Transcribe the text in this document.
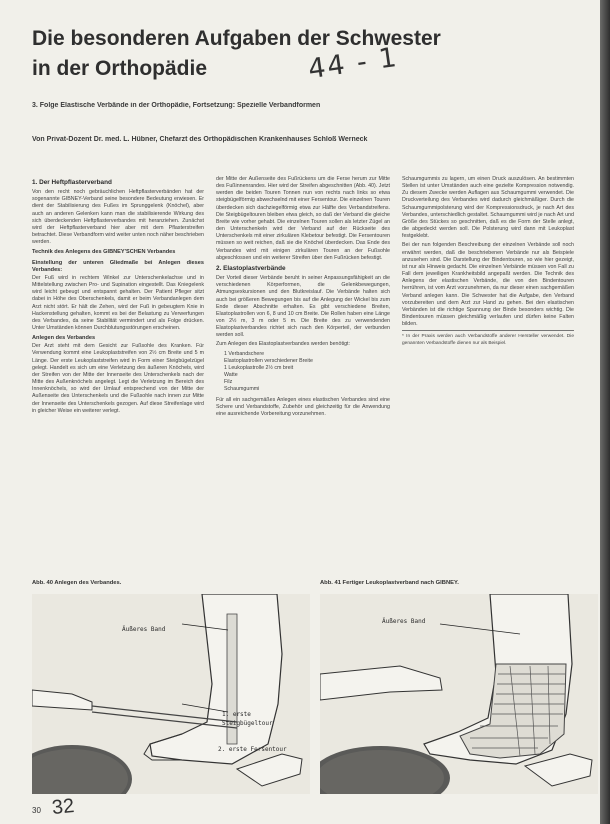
Die besonderen Aufgaben der Schwester
in der Orthopädie	44 - 1
3. Folge Elastische Verbände in der Orthopädie, Fortsetzung: Spezielle Verbandformen
Von Privat-Dozent Dr. med. L. Hübner, Chefarzt des Orthopädischen Krankenhauses Schloß Werneck
1. Der Heftpflasterverband

Von den recht noch gebräuchlichen Heftpflasterverbänden hat der sogenannte GIBNEY-Verband seine besondere Bedeutung erwiesen. Er dient der Stabilisierung des Fußes im Sprunggelenk (Knöchel), aber auch an anderen Gelenken kann man die stabilisierende Wirkung des sich überdeckenden Heftpflasterverbandes mit heranziehen. Zunächst wird der Heftpflasterverband hier aber mit dem Pflasterstreifen betrachtet. Diese Verbandform wird weiter unten noch näher beschrieben werden.

Technik des Anlegens des GIBNEY'SCHEN Verbandes
Einstellung der unteren Gliedmaße bei Anlegen dieses Verbandes:

Der Fuß wird in rechtem Winkel zur Unterschenkelachse und in Mittelstellung zwischen Pro- und Supination eingestellt. Das Kniegelenk wird leicht gebeugt und entspannt gehalten. Der Patient Pfleger sitzt dabei in Höhe des Oberschenkels, damit er beim Verbandanlegen dem Arzt nicht stört. Er hält die Zehen, wird der Fuß in gebeugtem Knie in Hackenstellung gehalten, kommt es bei der Belastung zu Verwerfungen des Verbandes, da seine Stabilität vermindert und als Folge drücken. Unter Umständen können Durchblutungsstörungen erscheinen.

Anlegen des Verbandes

Der Arzt steht mit dem Gesicht zur Fußsohle des Kranken. Für Verwendung kommt eine Leukoplaststreifen von 2½ cm Breite und 5 m Länge. Der erste Leukoplaststreifen wird in Form einer Steigbügelzügel gelegt. Handelt es sich um eine Verletzung des äußeren Knöchels, wird der Streifen von der Mitte der Innenseite des Unterschenkels nach der Mitte des Außenknöchels angelegt. Legt die Verletzung im Bereich des Innenknöchels, so wird der Umlauf entsprechend von der Mitte der Außenseite des Unterschenkels und die Fußsohle nach innen zur Mitte der Innenseite des Unterschenkels gezogen. Auf diese Streifenlage wird in gleicher Weise ein weiterer verlegt.

der Mitte der Außenseite des Fußrückens um die Ferse herum zur Mitte des Fußinnenrandes. Hier wird der Streifen abgeschnitten (Abb. 40). Jetzt werden die beiden Touren Tonnen nun von rechts nach links so etwa steigbügelförmig abwechselnd mit einer Fersentour. Die einzelnen Touren überdecken sich dachziegelförmig etwa zur Hälfte des Verbandstreifens. Die Steigbügeltouren bleiben etwa gleich, so daß der Verband die gleiche Breite wie vorher gehabt. Die einzelnen Touren sollen als letzter Zügel an den Unterschenkeln wird der Verband auf der Rückseite des Unterschenkels mit einer zirkulären Klebetour befestigt. Die Fersentouren müssen so weit reichen, daß sie die Knöchel überdecken. Das Ende des Verbandes wird mit einigen zirkulären Touren an der Fußsohle abgeschlossen und ein weiterer Streifen über den Fußrücken befestigt.

2. Elastoplastverbände

Der Vorteil dieser Verbände beruht in seiner Anpassungsfähigkeit an die verschiedenen Körperformen, die Gelenkbewegungen, Atmungsexkursionen und den Blutkreislauf. Die Verbände halten sich auch bei größeren Bewegungen bis auf die Anlegung der Wickel bis zum Ende dieser Abschnitte erhalten. Es gibt verschiedene Breiten, Elastoplastrollen von 6, 8 und 10 cm Breite. Die Rollen haben eine Länge von 2½ m, 3 m oder 5 m. Die Breite des zu verwendenden Elastoplastverbandes richtet sich nach den Körperteil, der verbunden werden soll.

Zum Anlegen des Elastoplastverbandes werden benötigt:

1 Verbandschere

Elastoplastrollen verschiedener Breite

1 Leukoplastrolle 2½ cm breit

Watte

Filz

Schaumgummi

Für all ein sachgemäßes Anlegen eines elastischen Verbandes sind eine Schere und Verbandstoffe, Zubehör und gleichzeitig für die Anwendung eine ausreichende Vorbereitung vorzunehmen.

Schaumgummis zu lagern, um einen Druck auszulösen. An bestimmten Stellen ist unter Umständen auch eine gezielte Kompression notwendig. Zu diesem Zwecke werden Auflagen aus Schaumgummi verwendet. Die Druckverteilung des Verbandes wird dadurch gleichmäßiger. Durch die Schaumgummipolsterung wird der Kompressionsdruck, je nach Art des Verbandes, unterschiedlich gestaltet. Schaumgummi wird je nach Art und Größe des Stückes so geschnitten, daß es die Form der Stelle anlegt, die abgedeckt werden soll. Die Polsterung wird dann mit Leukoplast festgeklebt.

Bei der nun folgenden Beschreibung der einzelnen Verbände soll noch erwähnt werden, daß die beschriebenen Verbände nur als Beispiele anzusehen sind. Die Darstellung der Bindentouren, so wie hier gezeigt, ist nur als Hinweis gedacht. Die einzelnen Verbände müssen von Fall zu Fall dem jeweiligen Krankheitsbild angepaßt werden. Die Technik des Anlegens der elastischen Verbände, die von den Bindentouren herrühren, ist vom Arzt vorzunehmen, da nur dieser einen sachgemäßen Verband anlegen kann. Die Schwester hat die Aufgabe, den Verband vorzubereiten und dem Arzt zur Hand zu gehen. Bei den elastischen Verbänden ist die richtige Spannung der Binde besonders wichtig. Die Bindentouren müssen gleichmäßig verlaufen und dürfen keine Falten bilden.

* In der Praxis werden auch Verbandstoffe anderer Hersteller verwendet. Die genannten Verbandstoffe dienen nur als Beispiel.

Abb. 40 Anlegen des Verbandes.	Abb. 41 Fertiger Leukoplastverband nach GIBNEY.
Äußeres Band
1. erste Steigbügeltour
2. erste Fersentour
Äußeres Band
30 32
